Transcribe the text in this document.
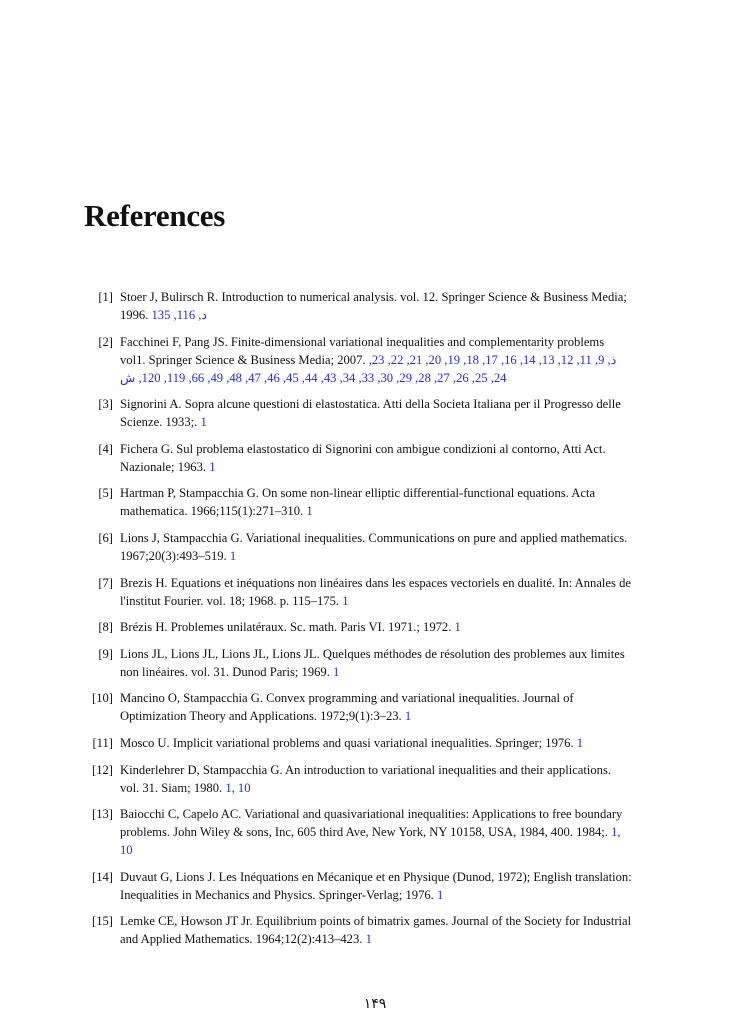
References
[1] Stoer J, Bulirsch R. Introduction to numerical analysis. vol. 12. Springer Science & Business Media; 1996. د, 116, 135
[2] Facchinei F, Pang JS. Finite-dimensional variational inequalities and complementarity problems vol1. Springer Science & Business Media; 2007. ذ, 9, 11, 12, 13, 14, 16, 17, 18, 19, 20, 21, 22, 23, 24, 25, 26, 27, 28, 29, 30, 33, 34, 43, 44, 45, 46, 47, 48, 49, 66, 119, 120, ش
[3] Signorini A. Sopra alcune questioni di elastostatica. Atti della Societa Italiana per il Progresso delle Scienze. 1933;. 1
[4] Fichera G. Sul problema elastostatico di Signorini con ambigue condizioni al contorno, Atti Act. Nazionale; 1963. 1
[5] Hartman P, Stampacchia G. On some non-linear elliptic differential-functional equations. Acta mathematica. 1966;115(1):271–310. 1
[6] Lions J, Stampacchia G. Variational inequalities. Communications on pure and applied mathematics. 1967;20(3):493–519. 1
[7] Brezis H. Equations et inéquations non linéaires dans les espaces vectoriels en dualité. In: Annales de l'institut Fourier. vol. 18; 1968. p. 115–175. 1
[8] Brézis H. Problemes unilatéraux. Sc. math. Paris VI. 1971.; 1972. 1
[9] Lions JL, Lions JL, Lions JL, Lions JL. Quelques méthodes de résolution des problemes aux limites non linéaires. vol. 31. Dunod Paris; 1969. 1
[10] Mancino O, Stampacchia G. Convex programming and variational inequalities. Journal of Optimization Theory and Applications. 1972;9(1):3–23. 1
[11] Mosco U. Implicit variational problems and quasi variational inequalities. Springer; 1976. 1
[12] Kinderlehrer D, Stampacchia G. An introduction to variational inequalities and their applications. vol. 31. Siam; 1980. 1, 10
[13] Baiocchi C, Capelo AC. Variational and quasivariational inequalities: Applications to free boundary problems. John Wiley & sons, Inc, 605 third Ave, New York, NY 10158, USA, 1984, 400. 1984;. 1, 10
[14] Duvaut G, Lions J. Les Inéquations en Mécanique et en Physique (Dunod, 1972); English translation: Inequalities in Mechanics and Physics. Springer-Verlag; 1976. 1
[15] Lemke CE, Howson JT Jr. Equilibrium points of bimatrix games. Journal of the Society for Industrial and Applied Mathematics. 1964;12(2):413–423. 1
۱۴۹
